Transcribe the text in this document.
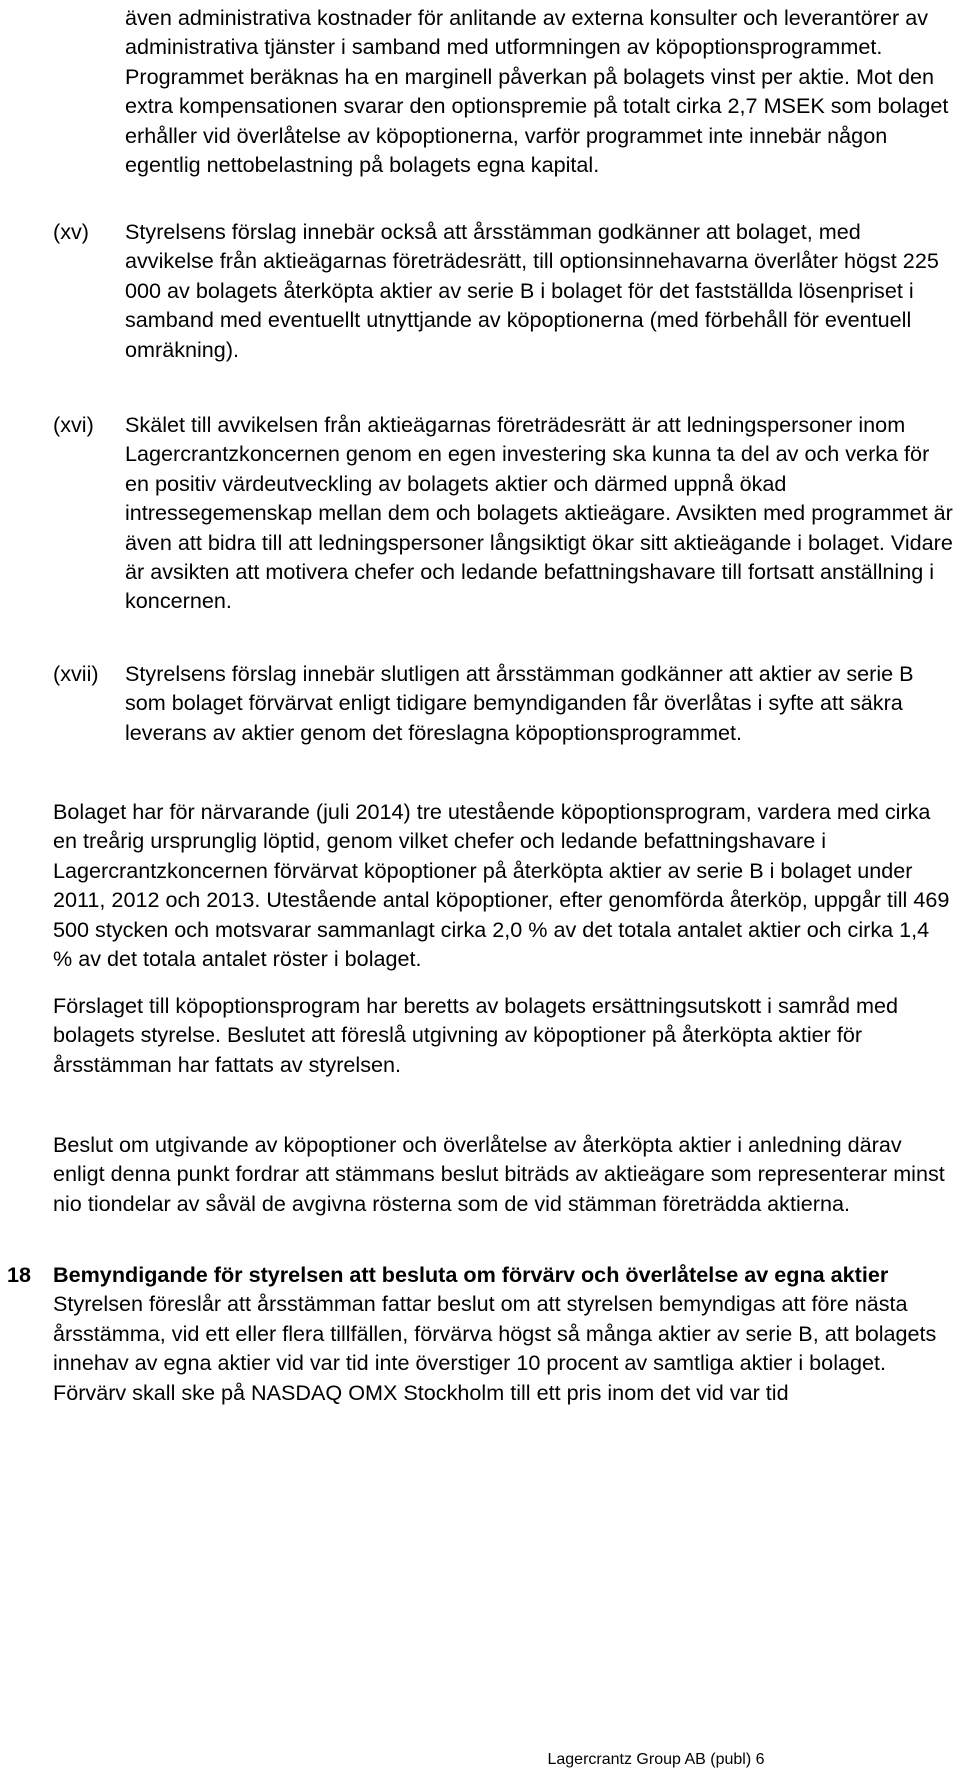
även administrativa kostnader för anlitande av externa konsulter och leverantörer av administrativa tjänster i samband med utformningen av köpoptionsprogrammet. Programmet beräknas ha en marginell påverkan på bolagets vinst per aktie. Mot den extra kompensationen svarar den optionspremie på totalt cirka 2,7 MSEK som bolaget erhåller vid överlåtelse av köpoptionerna, varför programmet inte innebär någon egentlig nettobelastning på bolagets egna kapital.

(xv)	Styrelsens förslag innebär också att årsstämman godkänner att bolaget, med avvikelse från aktieägarnas företrädesrätt, till optionsinnehavarna överlåter högst 225 000 av bolagets återköpta aktier av serie B i bolaget för det fastställda lösenpriset i samband med eventuellt utnyttjande av köpoptionerna (med förbehåll för eventuell omräkning).

(xvi)	Skälet till avvikelsen från aktieägarnas företrädesrätt är att ledningspersoner inom Lagercrantzkoncernen genom en egen investering ska kunna ta del av och verka för en positiv värdeutveckling av bolagets aktier och därmed uppnå ökad intressegemenskap mellan dem och bolagets aktieägare. Avsikten med programmet är även att bidra till att ledningspersoner långsiktigt ökar sitt aktieägande i bolaget. Vidare är avsikten att motivera chefer och ledande befattningshavare till fortsatt anställning i koncernen.

(xvii)	Styrelsens förslag innebär slutligen att årsstämman godkänner att aktier av serie B som bolaget förvärvat enligt tidigare bemyndiganden får överlåtas i syfte att säkra leverans av aktier genom det föreslagna köpoptionsprogrammet.

Bolaget har för närvarande (juli 2014) tre utestående köpoptionsprogram, vardera med cirka en treårig ursprunglig löptid, genom vilket chefer och ledande befattningshavare i Lagercrantzkoncernen förvärvat köpoptioner på återköpta aktier av serie B i bolaget under 2011, 2012 och 2013. Utestående antal köpoptioner, efter genomförda återköp, uppgår till 469 500 stycken och motsvarar sammanlagt cirka 2,0 % av det totala antalet aktier och cirka 1,4 % av det totala antalet röster i bolaget.

Förslaget till köpoptionsprogram har beretts av bolagets ersättningsutskott i samråd med bolagets styrelse. Beslutet att föreslå utgivning av köpoptioner på återköpta aktier för årsstämman har fattats av styrelsen.

Beslut om utgivande av köpoptioner och överlåtelse av återköpta aktier i anledning därav enligt denna punkt fordrar att stämmans beslut biträds av aktieägare som representerar minst nio tiondelar av såväl de avgivna rösterna som de vid stämman företrädda aktierna.

18 Bemyndigande för styrelsen att besluta om förvärv och överlåtelse av egna aktier

Styrelsen föreslår att årsstämman fattar beslut om att styrelsen bemyndigas att före nästa årsstämma, vid ett eller flera tillfällen, förvärva högst så många aktier av serie B, att bolagets innehav av egna aktier vid var tid inte överstiger 10 procent av samtliga aktier i bolaget. Förvärv skall ske på NASDAQ OMX Stockholm till ett pris inom det vid var tid

Lagercrantz Group AB (publ) 6
